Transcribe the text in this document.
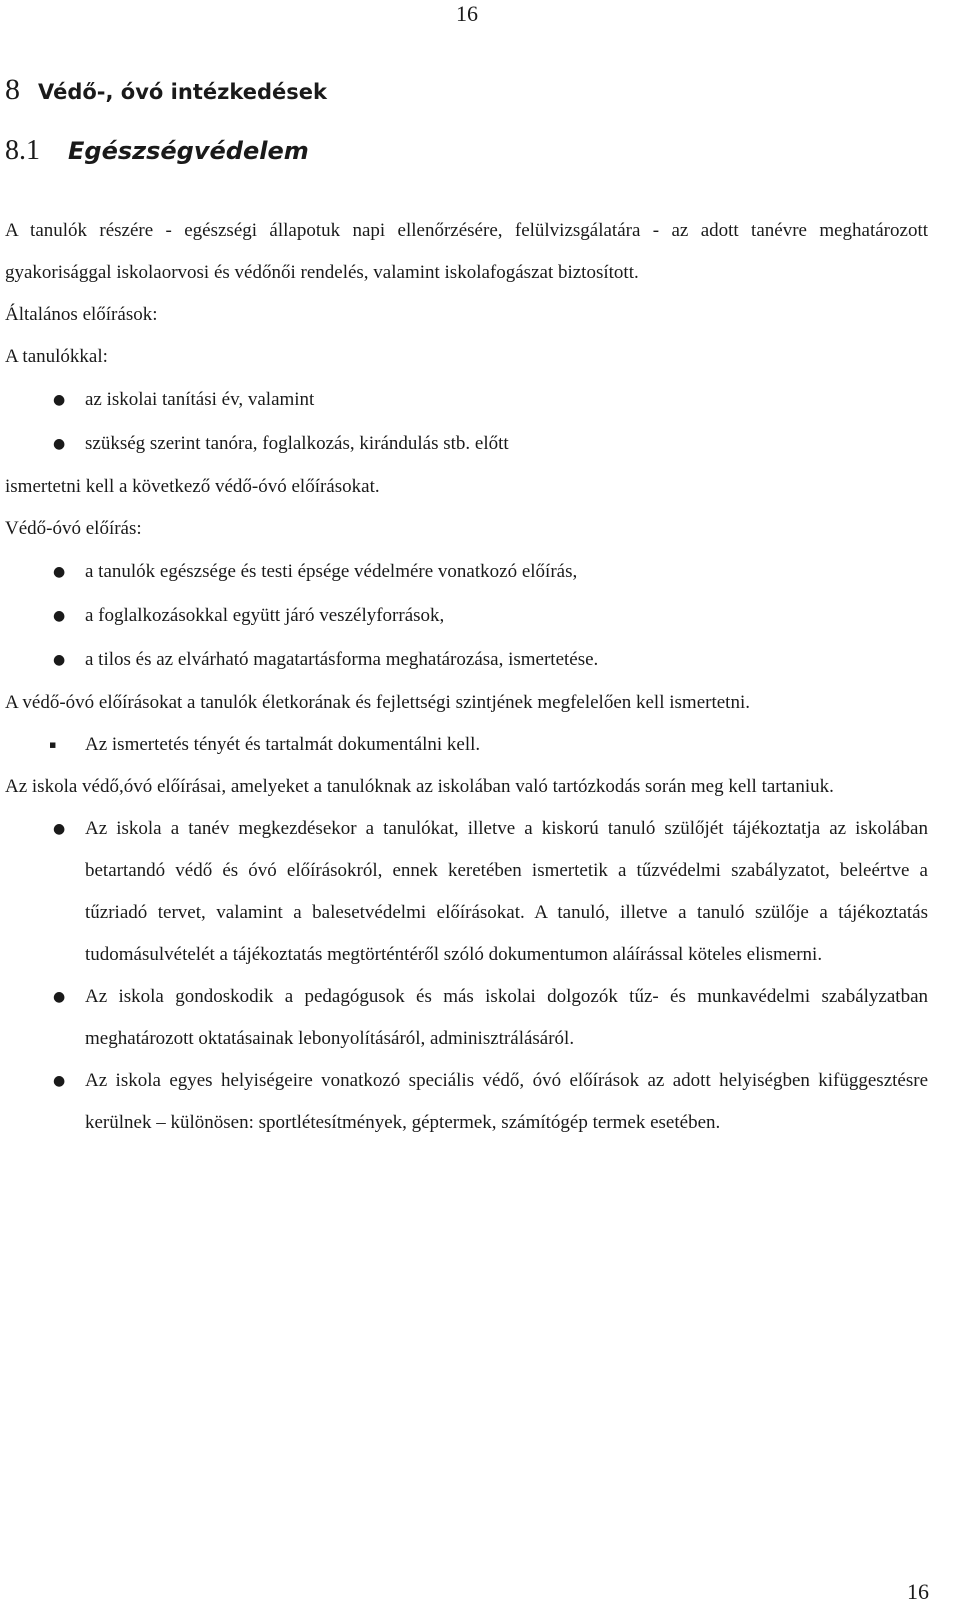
16
8 Védő-, óvó intézkedések
8.1 Egészségvédelem

A tanulók részére - egészségi állapotuk napi ellenőrzésére, felülvizsgálatára - az adott tanévre meghatározott gyakorisággal iskolaorvosi és védőnői rendelés, valamint iskolafogászat biztosított.

Általános előírások:

A tanulókkal:

● az iskolai tanítási év, valamint
● szükség szerint tanóra, foglalkozás, kirándulás stb. előtt

ismertetni kell a következő védő-óvó előírásokat.

Védő-óvó előírás:

● a tanulók egészsége és testi épsége védelmére vonatkozó előírás,
● a foglalkozásokkal együtt járó veszélyforrások,
● a tilos és az elvárható magatartásforma meghatározása, ismertetése.

A védő-óvó előírásokat a tanulók életkorának és fejlettségi szintjének megfelelően kell ismertetni.

▪ Az ismertetés tényét és tartalmát dokumentálni kell.

Az iskola védő,óvó előírásai, amelyeket a tanulóknak az iskolában való tartózkodás során meg kell tartaniuk.

● Az iskola a tanév megkezdésekor a tanulókat, illetve a kiskorú tanuló szülőjét tájékoztatja az iskolában betartandó védő és óvó előírásokról, ennek keretében ismertetik a tűzvédelmi szabályzatot, beleértve a tűzriadó tervet, valamint a balesetvédelmi előírásokat. A tanuló, illetve a tanuló szülője a tájékoztatás tudomásulvételét a tájékoztatás megtörténtéről szóló dokumentumon aláírással köteles elismerni.
● Az iskola gondoskodik a pedagógusok és más iskolai dolgozók tűz- és munkavédelmi szabályzatban meghatározott oktatásainak lebonyolításáról, adminisztrálásáról.
● Az iskola egyes helyiségeire vonatkozó speciális védő, óvó előírások az adott helyiségben kifüggesztésre kerülnek – különösen: sportlétesítmények, géptermek, számítógép termek esetében.
16
